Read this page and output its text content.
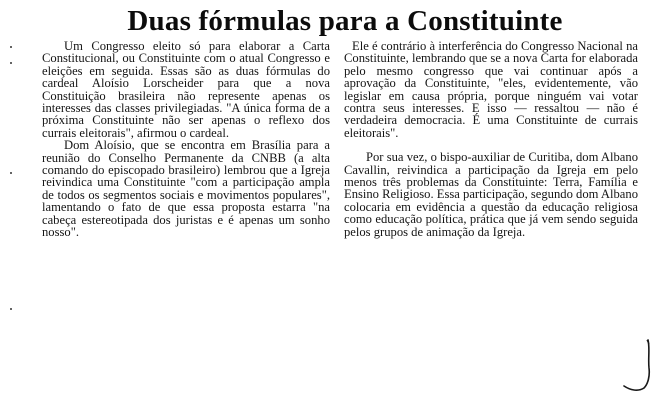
Duas fórmulas para a Constituinte

Um Congresso eleito só para elaborar a Carta Constitucional, ou Constituinte com o atual Congresso e eleições em seguida. Essas são as duas fórmulas do cardeal Aloísio Lorscheider para que a nova Constituição brasileira não represente apenas os interesses das classes privilegiadas. "A única forma de a próxima Constituinte não ser apenas o reflexo dos currais eleitorais", afirmou o cardeal.

Dom Aloísio, que se encontra em Brasília para a reunião do Conselho Permanente da CNBB (a alta comando do episcopado brasileiro) lembrou que a Igreja reivindica uma Constituinte "com a participação ampla de todos os segmentos sociais e movimentos populares", lamentando o fato de que essa proposta estarra "na cabeça estereotipada dos juristas e é apenas um sonho nosso".

Ele é contrário à interferência do Congresso Nacional na Constituinte, lembrando que se a nova Carta for elaborada pelo mesmo congresso que vai continuar após a aprovação da Constituinte, "eles, evidentemente, vão legislar em causa própria, porque ninguém vai votar contra seus interesses. E isso — ressaltou — não é verdadeira democracia. É uma Constituinte de currais eleitorais".

Por sua vez, o bispo-auxiliar de Curitiba, dom Albano Cavallin, reivindica a participação da Igreja em pelo menos três problemas da Constituinte: Terra, Família e Ensino Religioso. Essa participação, segundo dom Albano colocaria em evidência a questão da educação religiosa como educação política, prática que já vem sendo seguida pelos grupos de animação da Igreja.
